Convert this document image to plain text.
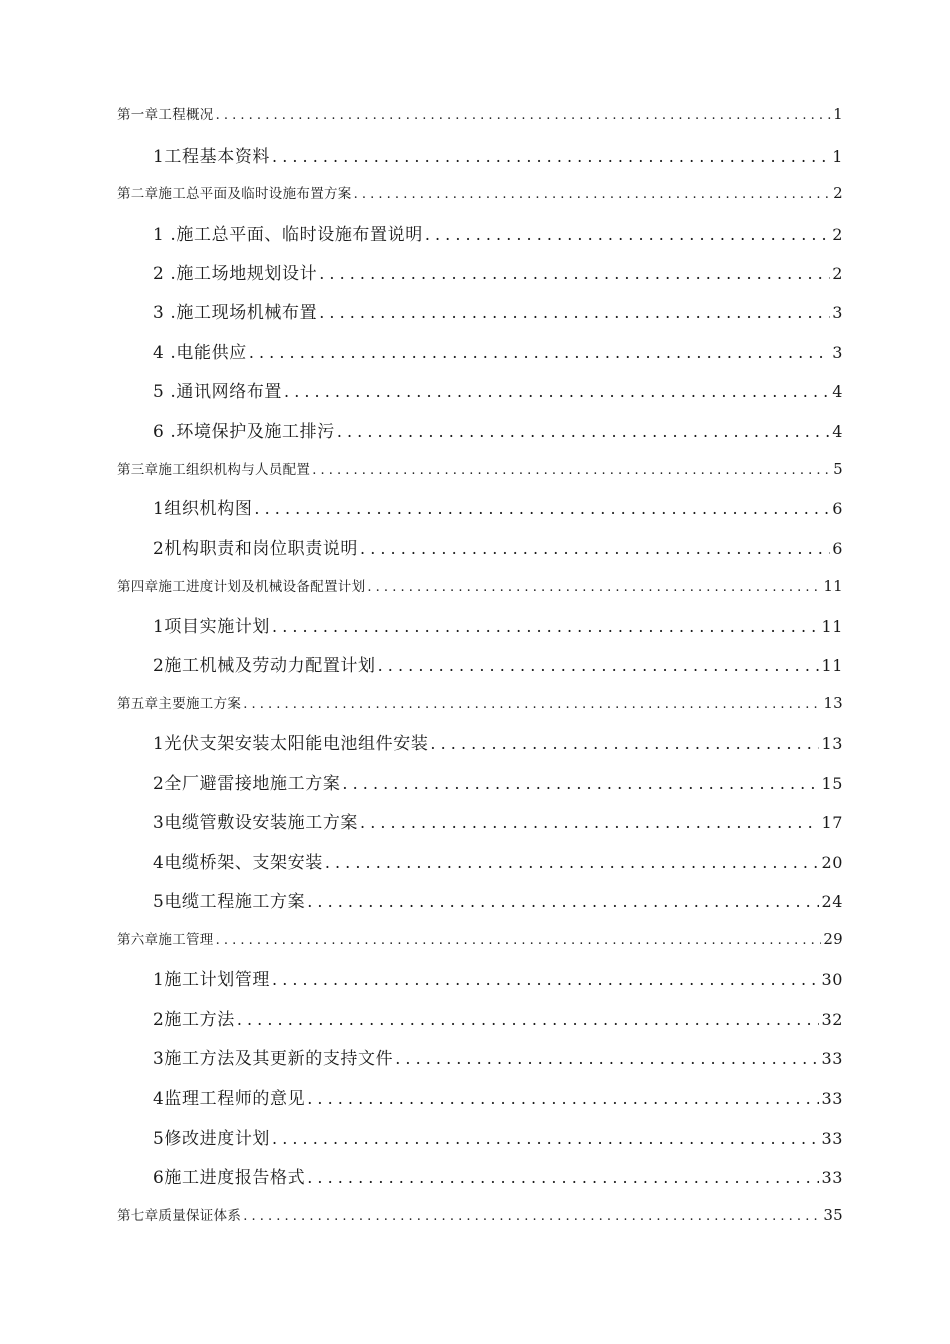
第一章工程概况 . . .	1
1工程基本资料 . . .	1
第二章施工总平面及临时设施布置方案 . . .	2
1 .施工总平面、临时设施布置说明 . . .	2
2 .施工场地规划设计 . . .	2
3 .施工现场机械布置 . . .	3
4 .电能供应 . . .	3
5 .通讯网络布置 . . .	4
6 .环境保护及施工排污 . . .	4
第三章施工组织机构与人员配置 . . .	5
1组织机构图 . . .	6
2机构职责和岗位职责说明 . . .	6
第四章施工进度计划及机械设备配置计划 . . .	11
1项目实施计划 . . .	11
2施工机械及劳动力配置计划 . . .	11
第五章主要施工方案 . . .	13
1光伏支架安装太阳能电池组件安装 . . .	13
2全厂避雷接地施工方案 . . .	15
3电缆管敷设安装施工方案 . . .	17
4电缆桥架、支架安装 . . .	20
5电缆工程施工方案 . . .	24
第六章施工管理 . . .	29
1施工计划管理 . . .	30
2施工方法 . . .	32
3施工方法及其更新的支持文件 . . .	33
4监理工程师的意见 . . .	33
5修改进度计划 . . .	33
6施工进度报告格式 . . .	33
第七章质量保证体系 . . .	35
